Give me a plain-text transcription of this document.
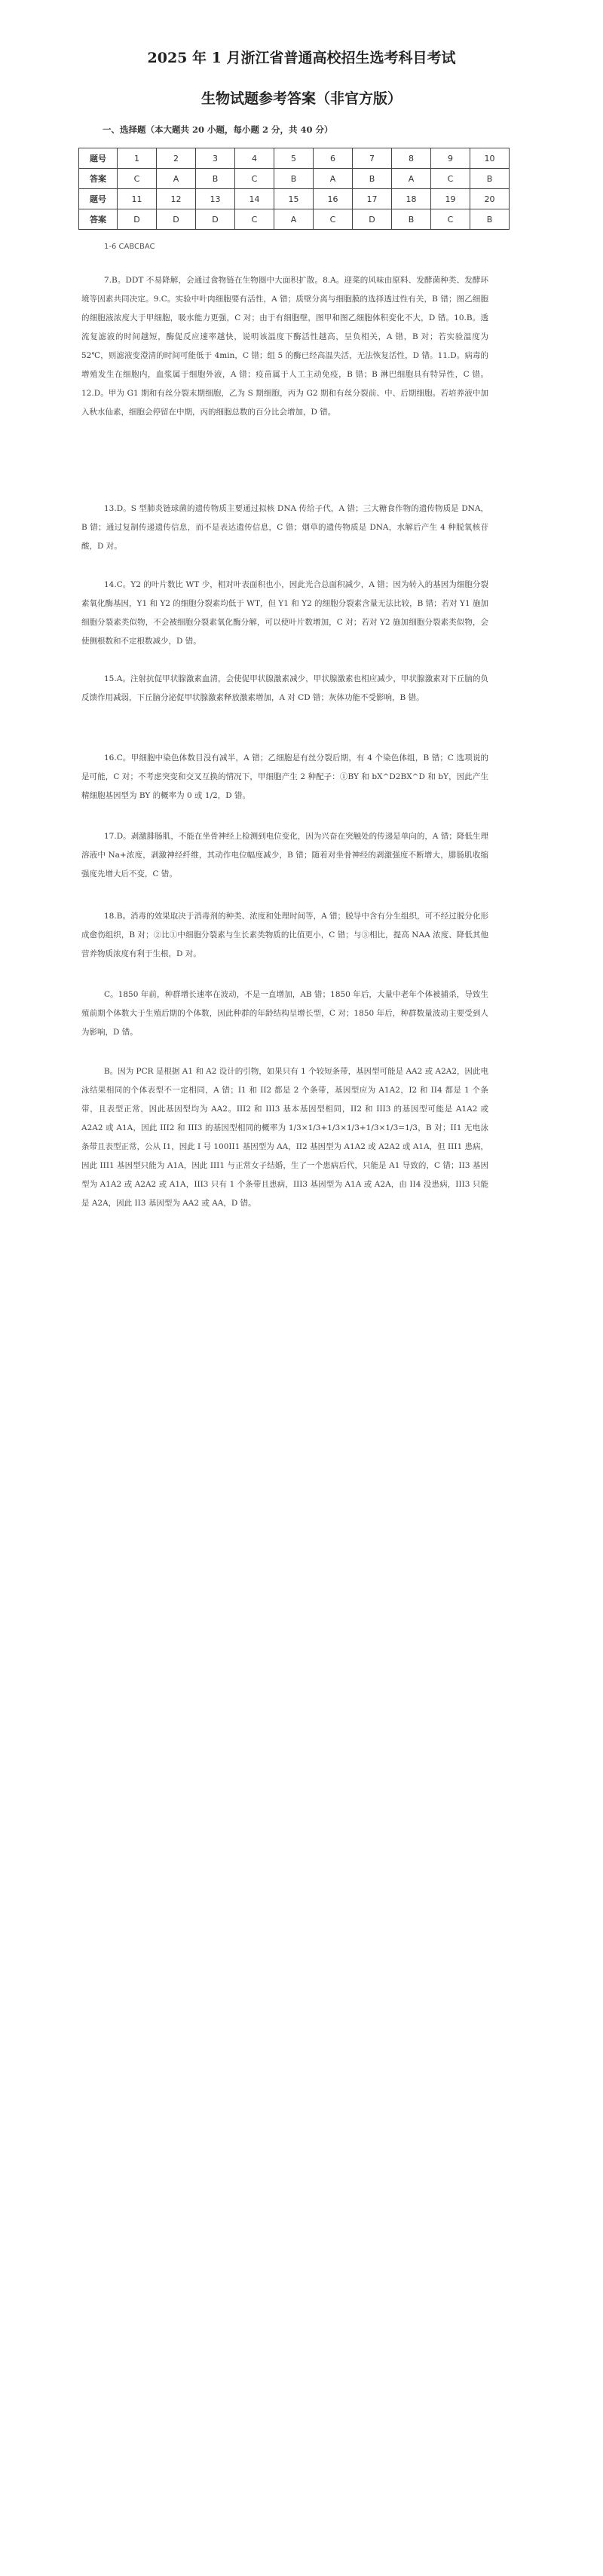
2025 年 1 月浙江省普通高校招生选考科目考试
生物试题参考答案（非官方版）
一、选择题（本大题共 20 小题，每小题 2 分，共 40 分）
题号	1	2	3	4	5	6	7	8	9	10
答案	C	A	B	C	B	A	B	A	C	B
题号	11	12	13	14	15	16	17	18	19	20
答案	D	D	D	C	A	C	D	B	C	B
1-6 CABCBAC

7.B。DDT 不易降解，会通过食物链在生物圈中大面积扩散。8.A。迎菜的风味由原料、发酵菌种类、发酵环境等因素共同决定。9.C。实验中叶肉细胞要有活性，A 错；质壁分离与细胞膜的选择透过性有关，B 错；图乙细胞的细胞液浓度大于甲细胞，吸水能力更强，C 对；由于有细胞壁，图甲和图乙细胞体积变化不大，D 错。10.B。透流复滤液的时间越短，酶促反应速率越快，说明该温度下酶活性越高，呈负相关，A 错，B 对；若实验温度为 52℃，则滤液变澄清的时间可能低于 4min，C 错；组 5 的酶已经高温失活，无法恢复活性，D 错。11.D。病毒的增殖发生在细胞内，血浆属于细胞外液，A 错；疫苗属于人工主动免疫，B 错；B 淋巴细胞具有特异性，C 错。12.D。甲为 G1 期和有丝分裂末期细胞，乙为 S 期细胞，丙为 G2 期和有丝分裂前、中、后期细胞。若培养液中加入秋水仙素，细胞会停留在中期，丙的细胞总数的百分比会增加，D 错。

13.D。S 型肺炎链球菌的遗传物质主要通过拟核 DNA 传给子代，A 错；三大糖食作物的遗传物质是 DNA，B 错；通过复制传递遗传信息，而不是表达遗传信息，C 错；烟草的遗传物质是 DNA，水解后产生 4 种脱氧核苷酸，D 对。

14.C。Y2 的叶片数比 WT 少，相对叶表面积也小，因此光合总面积减少，A 错；因为转入的基因为细胞分裂素氧化酶基因，Y1 和 Y2 的细胞分裂素均低于 WT，但 Y1 和 Y2 的细胞分裂素含量无法比较，B 错；若对 Y1 施加细胞分裂素类似物，不会被细胞分裂素氧化酶分解，可以使叶片数增加，C 对；若对 Y2 施加细胞分裂素类似物，会使侧根数和不定根数减少，D 错。

15.A。注射抗促甲状腺激素血清，会使促甲状腺激素减少，甲状腺激素也相应减少，甲状腺激素对下丘脑的负反馈作用减弱，下丘脑分泌促甲状腺激素释放激素增加，A 对 CD 错；灰体功能不受影响，B 错。

16.C。甲细胞中染色体数目没有减半，A 错；乙细胞是有丝分裂后期，有 4 个染色体组，B 错；C 选项说的是可能，C 对；不考虑突变和交叉互换的情况下，甲细胞产生 2 种配子：①BY 和 bX^D2BX^D 和 bY，因此产生精细胞基因型为 BY 的概率为 0 或 1/2，D 错。

17.D。剥激腓肠肌，不能在坐骨神经上检测到电位变化，因为兴奋在突触处的传递是单向的，A 错；降低生理溶液中 Na+浓度，剥激神经纤维，其动作电位幅度减少，B 错；随着对坐骨神经的剥激强度不断增大，腓肠肌收缩强度先增大后不变，C 错。

18.B。消毒的效果取决于消毒剂的种类、浓度和处理时间等，A 错；脱导中含有分生组织，可不经过脱分化形成愈伤组织，B 对；②比①中细胞分裂素与生长素类物质的比值更小，C 错；与③相比，提高 NAA 浓度、降低其他营养物质浓度有利于生根，D 对。

C。1850 年前，种群增长速率在波动，不是一直增加，AB 错；1850 年后，大量中老年个体被捕杀，导致生殖前期个体数大于生殖后期的个体数，因此种群的年龄结构呈增长型，C 对；1850 年后，种群数量波动主要受到人为影响，D 错。

B。因为 PCR 是根据 A1 和 A2 设计的引物，如果只有 1 个较短条带，基因型可能是 AA2 或 A2A2，因此电泳结果相同的个体表型不一定相同，A 错；I1 和 II2 都是 2 个条带，基因型应为 A1A2，I2 和 II4 都是 1 个条带，且表型正常，因此基因型均为 AA2。III2 和 III3 基本基因型相同，II2 和 III3 的基因型可能是 A1A2 或 A2A2 或 A1A，因此 III2 和 III3 的基因型相同的概率为 1/3×1/3+1/3×1/3+1/3×1/3=1/3，B 对；II1 无电泳条带且表型正常，公从 I1，因此 I 号 100II1 基因型为 AA，II2 基因型为 A1A2 或 A2A2 或 A1A，但 III1 患病，因此 III1 基因型只能为 A1A，因此 III1 与正常女子结婚，生了一个患病后代，只能是 A1 导致的，C 错；II3 基因型为 A1A2 或 A2A2 或 A1A，III3 只有 1 个条带且患病，III3 基因型为 A1A 或 A2A，由 II4 没患病，III3 只能是 A2A，因此 II3 基因型为 AA2 或 AA，D 错。
